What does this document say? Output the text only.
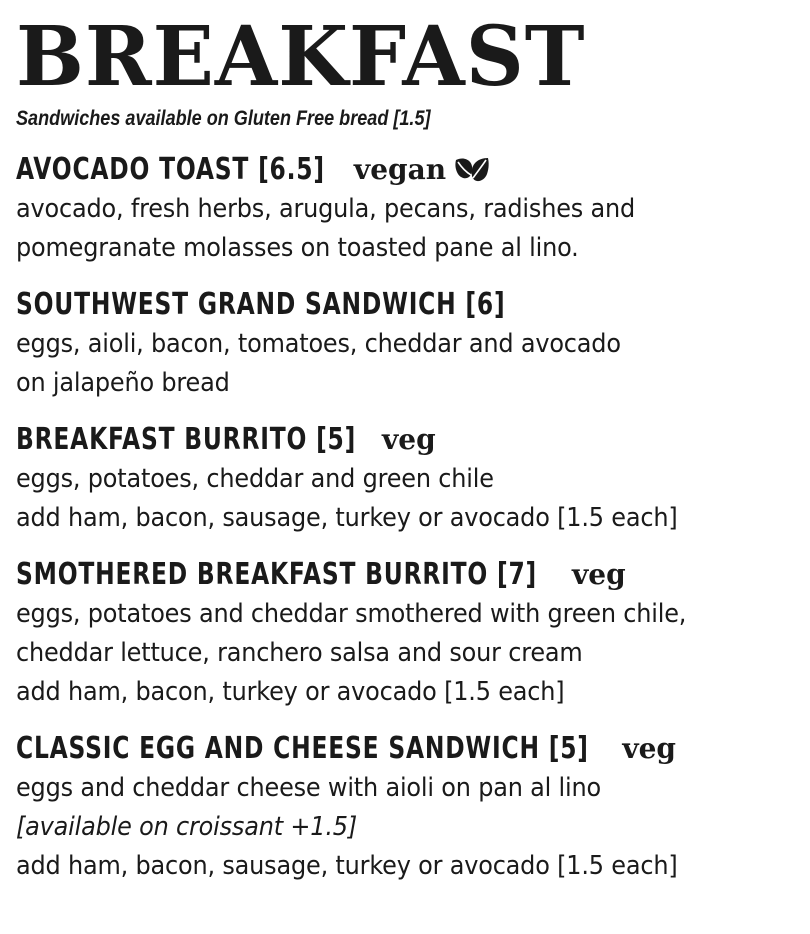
BREAKFAST
Sandwiches available on Gluten Free bread [1.5]
AVOCADO TOAST [6.5] vegan
avocado, fresh herbs, arugula, pecans, radishes and
pomegranate molasses on toasted pane al lino.
SOUTHWEST GRAND SANDWICH [6]
eggs, aioli, bacon, tomatoes, cheddar and avocado
on jalapeño bread
BREAKFAST BURRITO [5] veg
eggs, potatoes, cheddar and green chile
add ham, bacon, sausage, turkey or avocado [1.5 each]
SMOTHERED BREAKFAST BURRITO [7] veg
eggs, potatoes and cheddar smothered with green chile,
cheddar lettuce, ranchero salsa and sour cream
add ham, bacon, turkey or avocado [1.5 each]
CLASSIC EGG AND CHEESE SANDWICH [5] veg
eggs and cheddar cheese with aioli on pan al lino
[available on croissant +1.5]
add ham, bacon, sausage, turkey or avocado [1.5 each]
